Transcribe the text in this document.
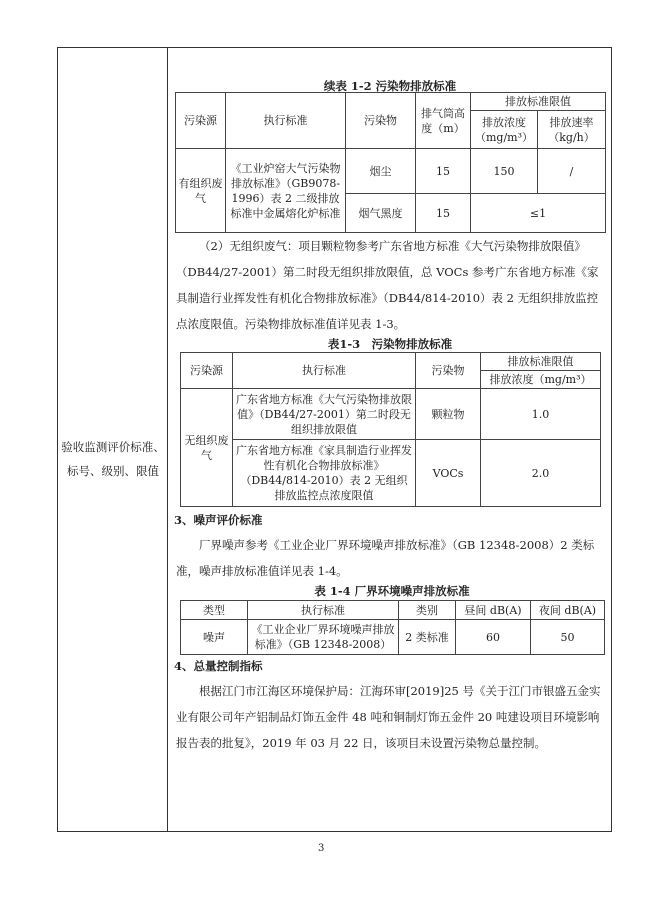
验收监测评价标准、标号、级别、限值
续表 1-2 污染物排放标准
污染源	执行标准	污染物	排气筒高度（m）	排放标准限值	
				排放浓度（mg/m³）	排放速率（kg/h）
有组织废气	《工业炉窑大气污染物排放标准》（GB9078-1996）表 2 二级排放标准中金属熔化炉标准	烟尘	15	150	/
		烟气黑度	15	≤1	
（2）无组织废气：项目颗粒物参考广东省地方标准《大气污染物排放限值》（DB44/27-2001）第二时段无组织排放限值，总 VOCs 参考广东省地方标准《家具制造行业挥发性有机化合物排放标准》（DB44/814-2010）表 2 无组织排放监控点浓度限值。污染物排放标准值详见表 1-3。
表1-3　污染物排放标准
污染源	执行标准	污染物	排放标准限值
			排放浓度（mg/m³）
无组织废气	广东省地方标准《大气污染物排放限值》（DB44/27-2001）第二时段无组织排放限值	颗粒物	1.0
	广东省地方标准《家具制造行业挥发性有机化合物排放标准》（DB44/814-2010）表 2 无组织排放监控点浓度限值	VOCs	2.0
3、噪声评价标准
厂界噪声参考《工业企业厂界环境噪声排放标准》（GB 12348-2008）2 类标准，噪声排放标准值详见表 1-4。
表 1-4 厂界环境噪声排放标准
类型	执行标准	类别	昼间 dB(A)	夜间 dB(A)
噪声	《工业企业厂界环境噪声排放标准》（GB 12348-2008）	2 类标准	60	50
4、总量控制指标
根据江门市江海区环境保护局：江海环审[2019]25 号《关于江门市银盛五金实业有限公司年产铝制品灯饰五金件 48 吨和铜制灯饰五金件 20 吨建设项目环境影响报告表的批复》，2019 年 03 月 22 日，该项目未设置污染物总量控制。
3
